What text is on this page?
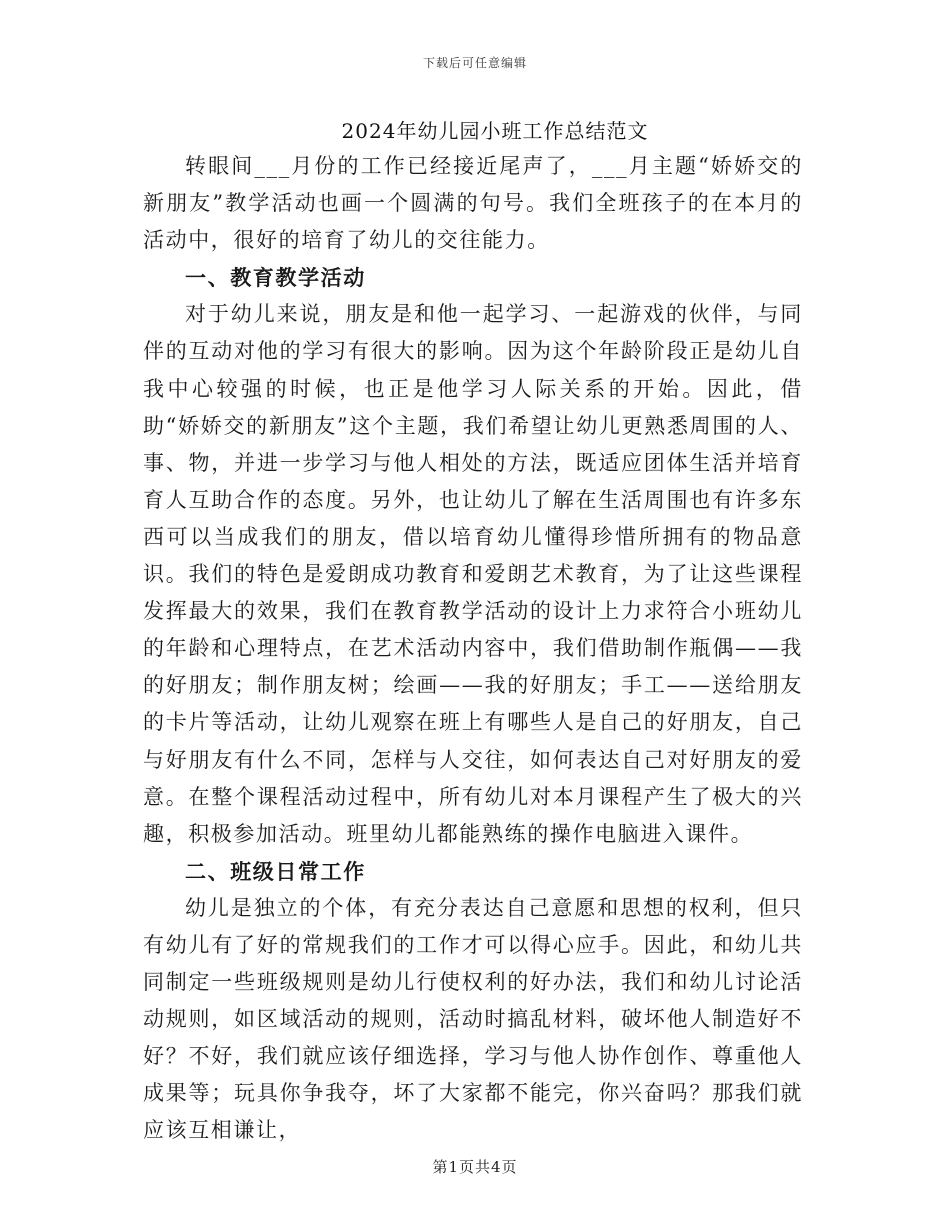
下载后可任意编辑
2024年幼儿园小班工作总结范文

转眼间___月份的工作已经接近尾声了，___月主题“娇娇交的新朋友”教学活动也画一个圆满的句号。我们全班孩子的在本月的活动中，很好的培育了幼儿的交往能力。

一、教育教学活动

对于幼儿来说，朋友是和他一起学习、一起游戏的伙伴，与同伴的互动对他的学习有很大的影响。因为这个年龄阶段正是幼儿自我中心较强的时候，也正是他学习人际关系的开始。因此，借助“娇娇交的新朋友”这个主题，我们希望让幼儿更熟悉周围的人、事、物，并进一步学习与他人相处的方法，既适应团体生活并培育育人互助合作的态度。另外，也让幼儿了解在生活周围也有许多东西可以当成我们的朋友，借以培育幼儿懂得珍惜所拥有的物品意识。我们的特色是爱朗成功教育和爱朗艺术教育，为了让这些课程发挥最大的效果，我们在教育教学活动的设计上力求符合小班幼儿的年龄和心理特点，在艺术活动内容中，我们借助制作瓶偶——我的好朋友；制作朋友树；绘画——我的好朋友；手工——送给朋友的卡片等活动，让幼儿观察在班上有哪些人是自己的好朋友，自己与好朋友有什么不同，怎样与人交往，如何表达自己对好朋友的爱意。在整个课程活动过程中，所有幼儿对本月课程产生了极大的兴趣，积极参加活动。班里幼儿都能熟练的操作电脑进入课件。

二、班级日常工作

幼儿是独立的个体，有充分表达自己意愿和思想的权利，但只有幼儿有了好的常规我们的工作才可以得心应手。因此，和幼儿共同制定一些班级规则是幼儿行使权利的好办法，我们和幼儿讨论活动规则，如区域活动的规则，活动时搞乱材料，破坏他人制造好不好？不好，我们就应该仔细选择，学习与他人协作创作、尊重他人成果等；玩具你争我夺，坏了大家都不能完，你兴奋吗？那我们就应该互相谦让，

第1页共4页
